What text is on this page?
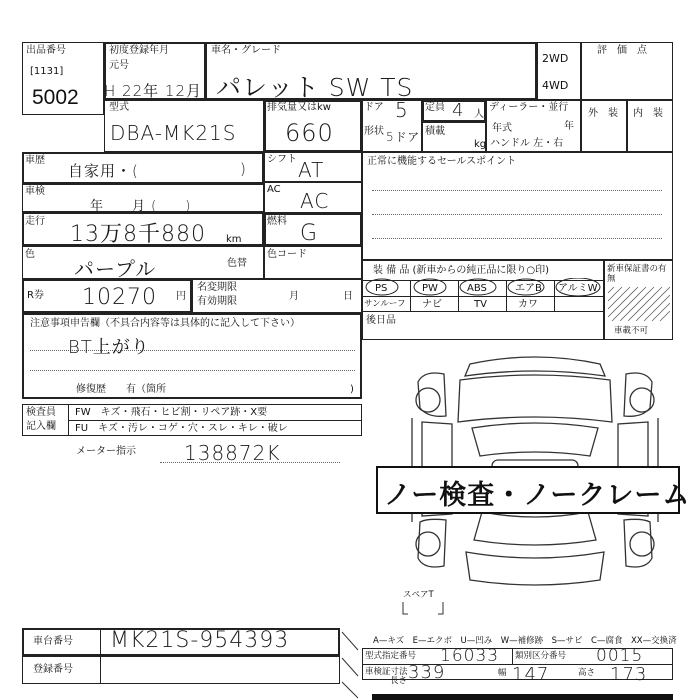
出品番号
[1131]
5002
初度登録年月
元号
H 22年 12月
車名・グレード
パレット SW TS
2WD
4WD
評　価　点
外　装 内　装
型式
DBA-MK21S
排気量又はkw
660
ドア 5
形状 5ドア
定員 4 人
積載
kg
ディーラー・並行
年式	年
ハンドル 左・右
車歴
自家用・(	)
車検
年　　月 (　　)
走行
13万8千880 km
色
パープル	色替
シフト AT
AC AC
燃料 G
色コード
R券 10270 円
名変期限
有効期限	月	日
注意事項申告欄（不具合内容等は具体的に記入して下さい）
BT上がり
修復歴　　有（箇所	)
検査員
記入欄
FW　キズ・飛石・ヒビ割・リペア跡・X要
FU　キズ・汚レ・コゲ・穴・スレ・キレ・破レ
メーター指示 138872K
正常に機能するセールスポイント
装 備 品 (新車からの純正品に限り○印)
PS	PW	ABS	エアB アルミW
サンルーフ ナビ	TV	カワ
後日品
新車保証書の有無
車載不可
ノー検査・ノークレーム
スペアT
A—キズ　E—エクボ　U—凹み　W—補修跡　S—サビ　C—腐食　XX—交換済
車台番号 MK21S-954393
登録番号
型式指定番号 16033 類別区分番号 0015
車検証寸法
長さ 339	幅 147	高さ 173
